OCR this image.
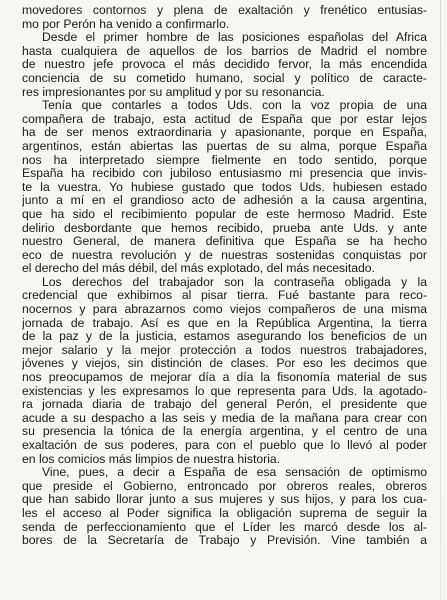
movedores contornos y plena de exaltación y frenético entusias-
mo por Perón ha venido a confirmarlo.
Desde el primer hombre de las posiciones españolas del Africa
hasta cualquiera de aquellos de los barrios de Madrid el nombre
de nuestro jefe provoca el más decidido fervor, la más encendida
conciencia de su cometido humano, social y político de caracte-
res impresionantes por su amplitud y por su resonancia.
Tenía que contarles a todos Uds. con la voz propia de una
compañera de trabajo, esta actitud de España que por estar lejos
ha de ser menos extraordinaria y apasionante, porque en España,
argentinos, están abiertas las puertas de su alma, porque España
nos ha interpretado siempre fielmente en todo sentido, porque
España ha recibido con jubiloso entusiasmo mi presencia que invis-
te la vuestra. Yo hubiese gustado que todos Uds. hubiesen estado
junto a mí en el grandioso acto de adhesión a la causa argentina,
que ha sido el recibimiento popular de este hermoso Madrid. Este
delirio desbordante que hemos recibido, prueba ante Uds. y ante
nuestro General, de manera definitiva que España se ha hecho
eco de nuestra revolución y de nuestras sostenidas conquistas por
el derecho del más débil, del más explotado, del más necesitado.
Los derechos del trabajador son la contraseña obligada y la
credencial que exhibimos al pisar tierra. Fué bastante para reco-
nocernos y para abrazarnos como viejos compañeros de una misma
jornada de trabajo. Así es que en la República Argentina, la tierra
de la paz y de la justicia, estamos asegurando los beneficios de un
mejor salario y la mejor protección a todos nuestros trabajadores,
jóvenes y viejos, sin distinción de clases. Por eso les decimos que
nos preocupamos de mejorar día a día la fisonomía material de sus
existencias y les expresamos lo que representa para Uds. la agotado-
ra jornada diaria de trabajo del general Perón, el presidente que
acude a su despacho a las seis y media de la mañana para crear con
su presencia la tónica de la energía argentina, y el centro de una
exaltación de sus poderes, para con el pueblo que lo llevó al poder
en los comicios más limpios de nuestra historia.
Vine, pues, a decir a España de esa sensación de optimismo
que preside el Gobierno, entroncado por obreros reales, obreros
que han sabido llorar junto a sus mujeres y sus hijos, y para los cua-
les el acceso al Poder significa la obligación suprema de seguir la
senda de perfeccionamiento que el Líder les marcó desde los al-
bores de la Secretaría de Trabajo y Previsión. Vine también a
